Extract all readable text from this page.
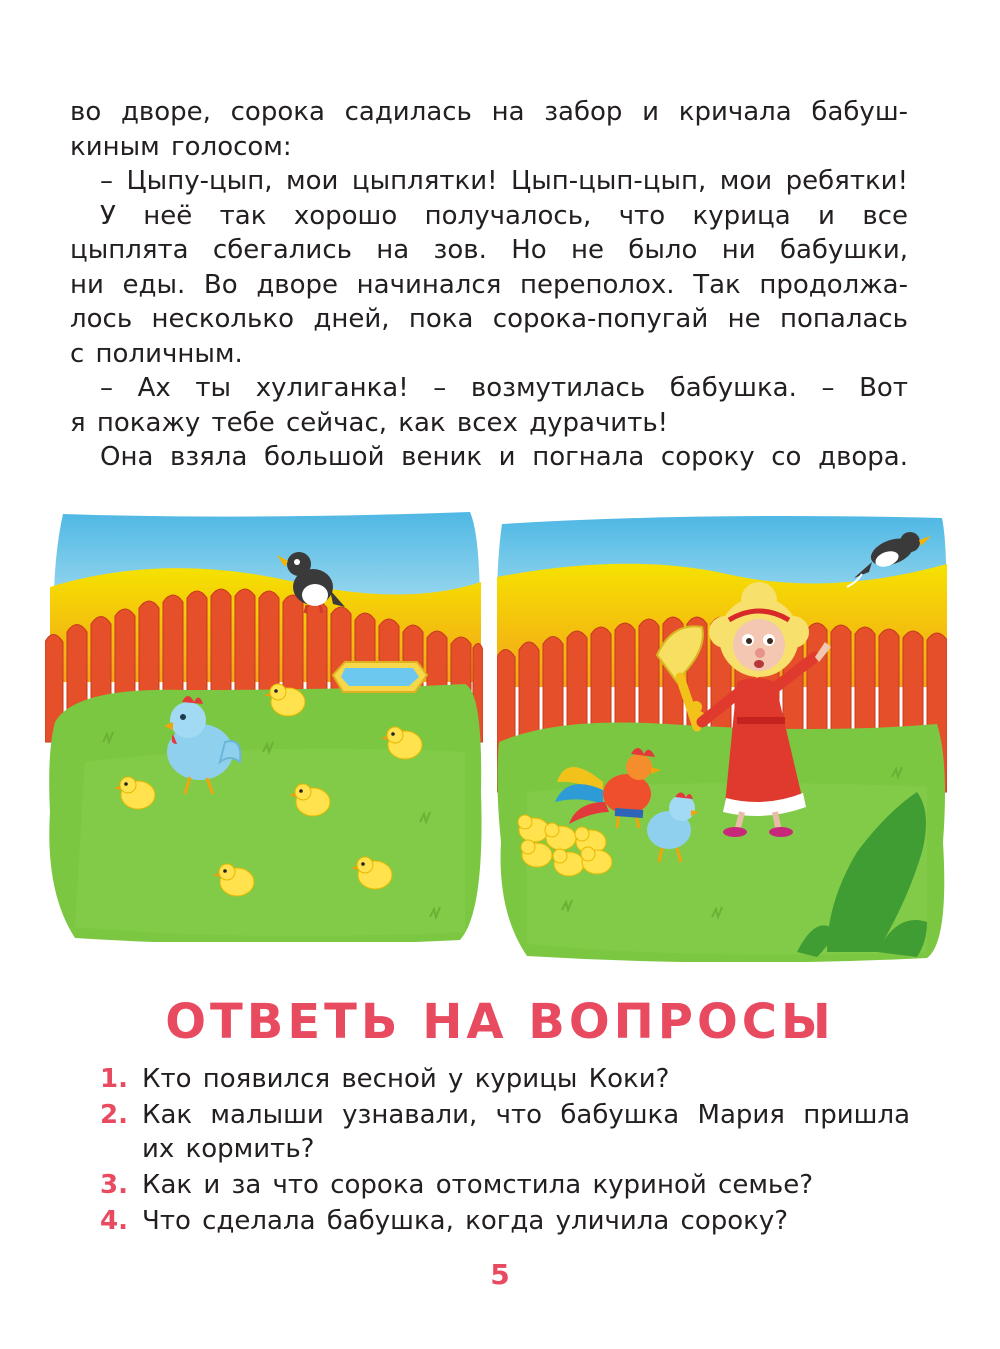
во дворе, сорока садилась на забор и кричала бабуш-
киным голосом:
– Цыпу-цып, мои цыплятки! Цып-цып-цып, мои ребятки!
У неё так хорошо получалось, что курица и все
цыплята сбегались на зов. Но не было ни бабушки,
ни еды. Во дворе начинался переполох. Так продолжа-
лось несколько дней, пока сорока-попугай не попалась
с поличным.
– Ах ты хулиганка! – возмутилась бабушка. – Вот
я покажу тебе сейчас, как всех дурачить!
Она взяла большой веник и погнала сороку со двора.
ОТВЕТЬ НА ВОПРОСЫ
1. Кто появился весной у курицы Коки?
2. Как малыши узнавали, что бабушка Мария пришла их кормить?
3. Как и за что сорока отомстила куриной семье?
4. Что сделала бабушка, когда уличила сороку?
5
